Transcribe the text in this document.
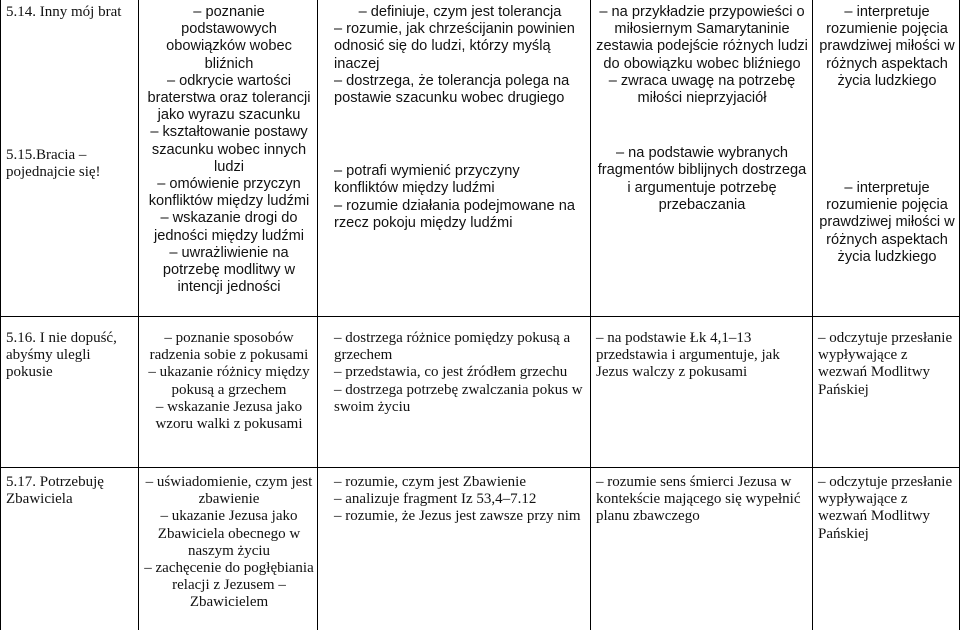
5.14. Inny mój brat

5.15.Bracia – pojednajcie się!

– poznanie podstawowych obowiązków wobec bliźnich

– odkrycie wartości braterstwa oraz tolerancji jako wyrazu szacunku

– kształtowanie postawy szacunku wobec innych ludzi

– omówienie przyczyn konfliktów między ludźmi

– wskazanie drogi do jedności między ludźmi

– uwrażliwienie na potrzebę modlitwy w intencji jedności

– definiuje, czym jest tolerancja

– rozumie, jak chrześcijanin powinien odnosić się do ludzi, którzy myślą inaczej

– dostrzega, że tolerancja polega na postawie szacunku wobec drugiego

– potrafi wymienić przyczyny konfliktów między ludźmi

– rozumie działania podejmowane na rzecz pokoju między ludźmi

– na przykładzie przypowieści o miłosiernym Samarytaninie zestawia podejście różnych ludzi do obowiązku wobec bliźniego

– zwraca uwagę na potrzebę miłości nieprzyjaciół

– na podstawie wybranych fragmentów biblijnych dostrzega i argumentuje potrzebę przebaczania

– interpretuje rozumienie pojęcia prawdziwej miłości w różnych aspektach życia ludzkiego

– interpretuje rozumienie pojęcia prawdziwej miłości w różnych aspektach życia ludzkiego

5.16. I nie dopuść, abyśmy ulegli pokusie

– poznanie sposobów radzenia sobie z pokusami

– ukazanie różnicy między pokusą a grzechem

– wskazanie Jezusa jako wzoru walki z pokusami

– dostrzega różnice pomiędzy pokusą a grzechem

– przedstawia, co jest źródłem grzechu

– dostrzega potrzebę zwalczania pokus w swoim życiu

– na podstawie Łk 4,1–13 przedstawia i argumentuje, jak Jezus walczy z pokusami

– odczytuje przesłanie wypływające z wezwań Modlitwy Pańskiej

5.17. Potrzebuję Zbawiciela

– uświadomienie, czym jest zbawienie

– ukazanie Jezusa jako Zbawiciela obecnego w naszym życiu

– zachęcenie do pogłębiania relacji z Jezusem – Zbawicielem

– rozumie, czym jest Zbawienie

– analizuje fragment Iz 53,4–7.12

– rozumie, że Jezus jest zawsze przy nim

– rozumie sens śmierci Jezusa w kontekście mającego się wypełnić planu zbawczego

– odczytuje przesłanie wypływające z wezwań Modlitwy Pańskiej
